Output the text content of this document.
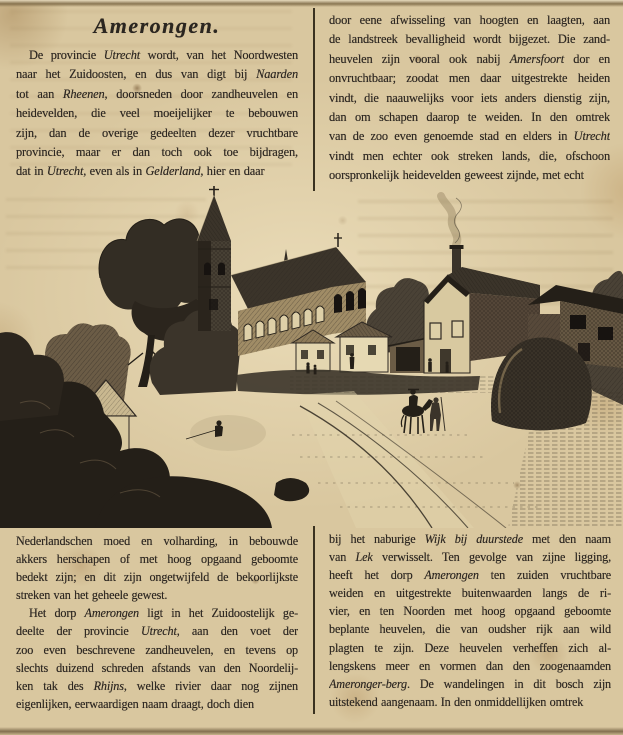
Amerongen.
De provincie Utrecht wordt, van het Noordwesten
naar het Zuidoosten, en dus van digt bij Naarden
tot aan Rheenen, doorsneden door zandheuvelen en
heidevelden, die veel moeijelijker te bebouwen
zijn, dan de overige gedeelten dezer vruchtbare
provincie, maar er dan toch ook toe bijdragen,
dat in Utrecht, even als in Gelderland, hier en daar
door eene afwisseling van hoogten en laagten, aan
de landstreek bevalligheid wordt bijgezet. Die zand-
heuvelen zijn vooral ook nabij Amersfoort dor en
onvruchtbaar; zoodat men daar uitgestrekte heiden
vindt, die naauwelijks voor iets anders dienstig zijn,
dan om schapen daarop te weiden. In den omtrek
van de zoo even genoemde stad en elders in Utrecht
vindt men echter ook streken lands, die, ofschoon
oorspronkelijk heidevelden geweest zijnde, met echt
Nederlandschen moed en volharding, in bebouwde
akkers herschapen of met hoog opgaand geboomte
bedekt zijn; en dit zijn ongetwijfeld de bekoorlijkste
streken van het geheele gewest.
Het dorp Amerongen ligt in het Zuidoostelijk ge-
deelte der provincie Utrecht, aan den voet der
zoo even beschrevene zandheuvelen, en tevens op
slechts duizend schreden afstands van den Noordelij-
ken tak des Rhijns, welke rivier daar nog zijnen
eigenlijken, eerwaardigen naam draagt, doch dien
bij het naburige Wijk bij duurstede met den naam
van Lek verwisselt. Ten gevolge van zijne ligging,
heeft het dorp Amerongen ten zuiden vruchtbare
weiden en uitgestrekte buitenwaarden langs de ri-
vier, en ten Noorden met hoog opgaand geboomte
beplante heuvelen, die van oudsher rijk aan wild
plagten te zijn. Deze heuvelen verheffen zich al-
lengskens meer en vormen dan den zoogenaamden
Ameronger-berg. De wandelingen in dit bosch zijn
uitstekend aangenaam. In den onmiddellijken omtrek
